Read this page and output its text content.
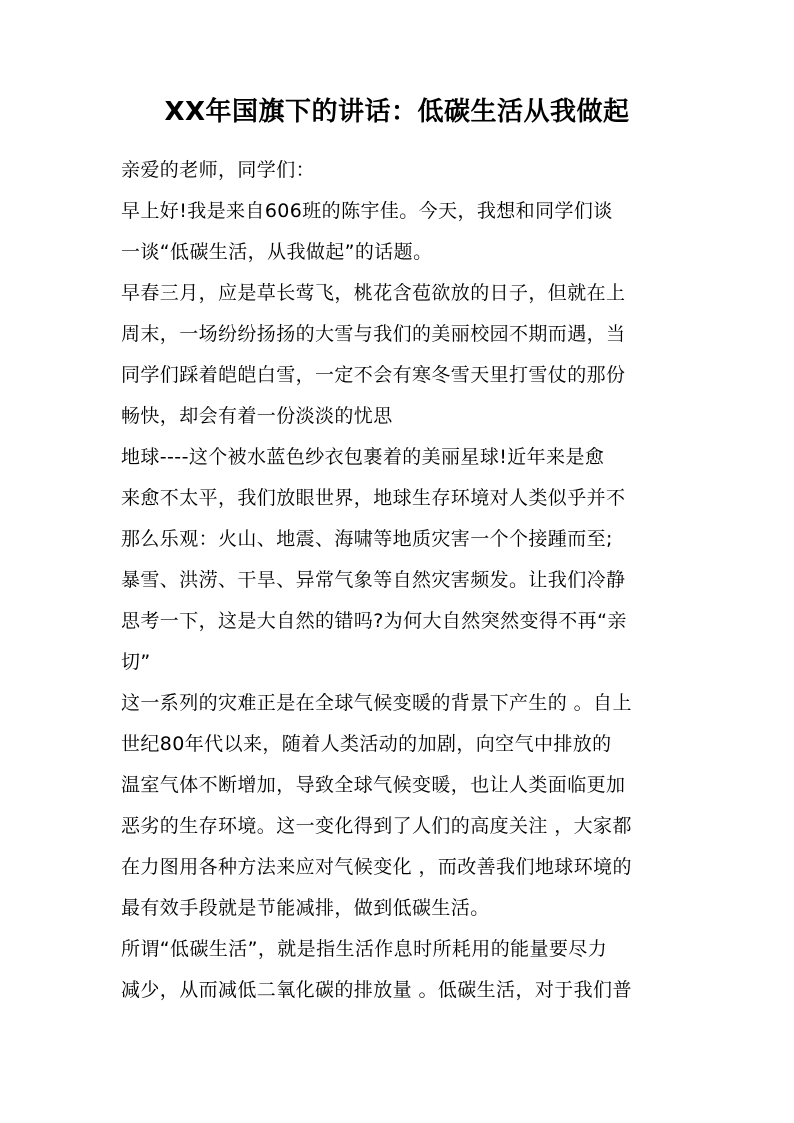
XX年国旗下的讲话：低碳生活从我做起
亲爱的老师，同学们：
早上好!我是来自606班的陈宇佳。今天，我想和同学们谈
一谈“低碳生活，从我做起”的话题。
早春三月，应是草长莺飞，桃花含苞欲放的日子，但就在上
周末，一场纷纷扬扬的大雪与我们的美丽校园不期而遇，当
同学们踩着皑皑白雪，一定不会有寒冬雪天里打雪仗的那份
畅快，却会有着一份淡淡的忧思
地球----这个被水蓝色纱衣包裹着的美丽星球!近年来是愈
来愈不太平，我们放眼世界，地球生存环境对人类似乎并不
那么乐观：火山、地震、海啸等地质灾害一个个接踵而至;
暴雪、洪涝、干旱、异常气象等自然灾害频发。让我们冷静
思考一下，这是大自然的错吗?为何大自然突然变得不再“亲
切”
这一系列的灾难正是在全球气候变暖的背景下产生的 。自上
世纪80年代以来，随着人类活动的加剧，向空气中排放的
温室气体不断增加，导致全球气候变暖，也让人类面临更加
恶劣的生存环境。这一变化得到了人们的高度关注 ，大家都
在力图用各种方法来应对气候变化 ，而改善我们地球环境的
最有效手段就是节能减排，做到低碳生活。
所谓“低碳生活”，就是指生活作息时所耗用的能量要尽力
减少，从而减低二氧化碳的排放量 。低碳生活，对于我们普
